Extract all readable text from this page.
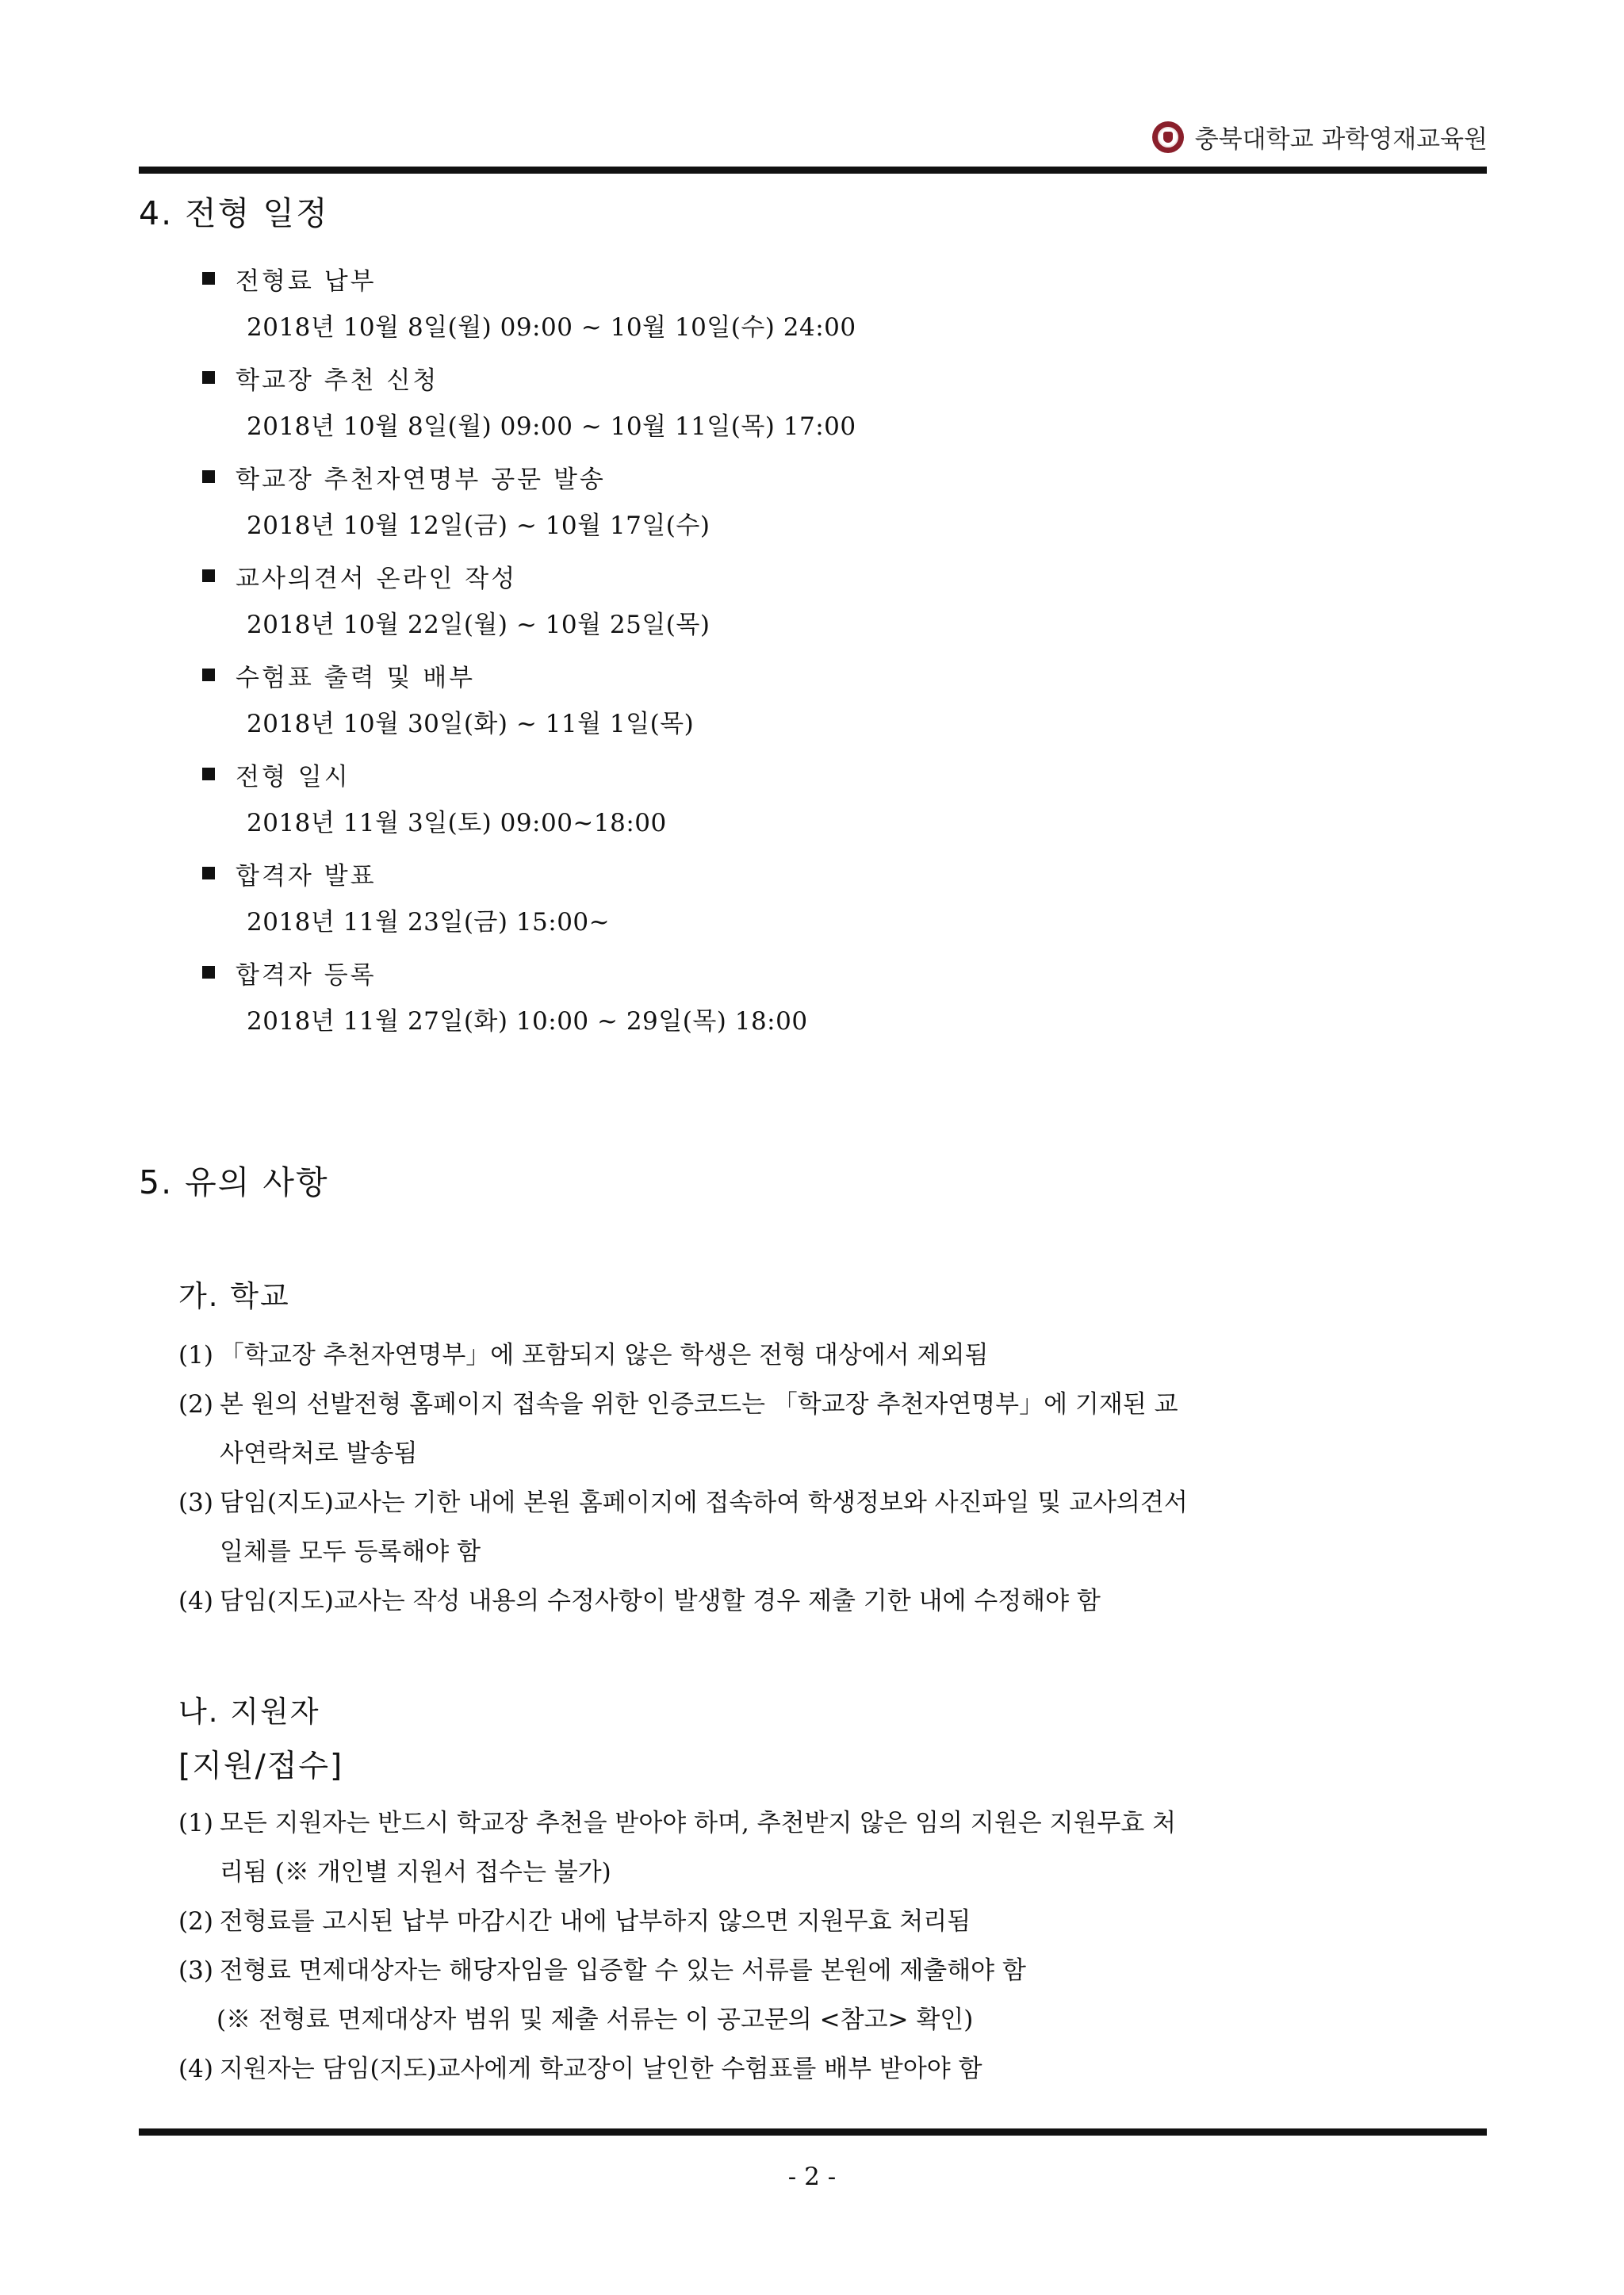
충북대학교 과학영재교육원
4. 전형 일정
전형료 납부
2018년 10월 8일(월) 09:00 ~ 10월 10일(수) 24:00
학교장 추천 신청
2018년 10월 8일(월) 09:00 ~ 10월 11일(목) 17:00
학교장 추천자연명부 공문 발송
2018년 10월 12일(금) ~ 10월 17일(수)
교사의견서 온라인 작성
2018년 10월 22일(월) ~ 10월 25일(목)
수험표 출력 및 배부
2018년 10월 30일(화) ~ 11월 1일(목)
전형 일시
2018년 11월 3일(토) 09:00~18:00
합격자 발표
2018년 11월 23일(금) 15:00~
합격자 등록
2018년 11월 27일(화) 10:00 ~ 29일(목) 18:00
5. 유의 사항
가. 학교
(1) 「학교장 추천자연명부」에 포함되지 않은 학생은 전형 대상에서 제외됨
(2) 본 원의 선발전형 홈페이지 접속을 위한 인증코드는 「학교장 추천자연명부」에 기재된 교
사연락처로 발송됨
(3) 담임(지도)교사는 기한 내에 본원 홈페이지에 접속하여 학생정보와 사진파일 및 교사의견서
일체를 모두 등록해야 함
(4) 담임(지도)교사는 작성 내용의 수정사항이 발생할 경우 제출 기한 내에 수정해야 함
나. 지원자
[지원/접수]
(1) 모든 지원자는 반드시 학교장 추천을 받아야 하며, 추천받지 않은 임의 지원은 지원무효 처
리됨 (※ 개인별 지원서 접수는 불가)
(2) 전형료를 고시된 납부 마감시간 내에 납부하지 않으면 지원무효 처리됨
(3) 전형료 면제대상자는 해당자임을 입증할 수 있는 서류를 본원에 제출해야 함
(※ 전형료 면제대상자 범위 및 제출 서류는 이 공고문의 <참고> 확인)
(4) 지원자는 담임(지도)교사에게 학교장이 날인한 수험표를 배부 받아야 함
- 2 -
